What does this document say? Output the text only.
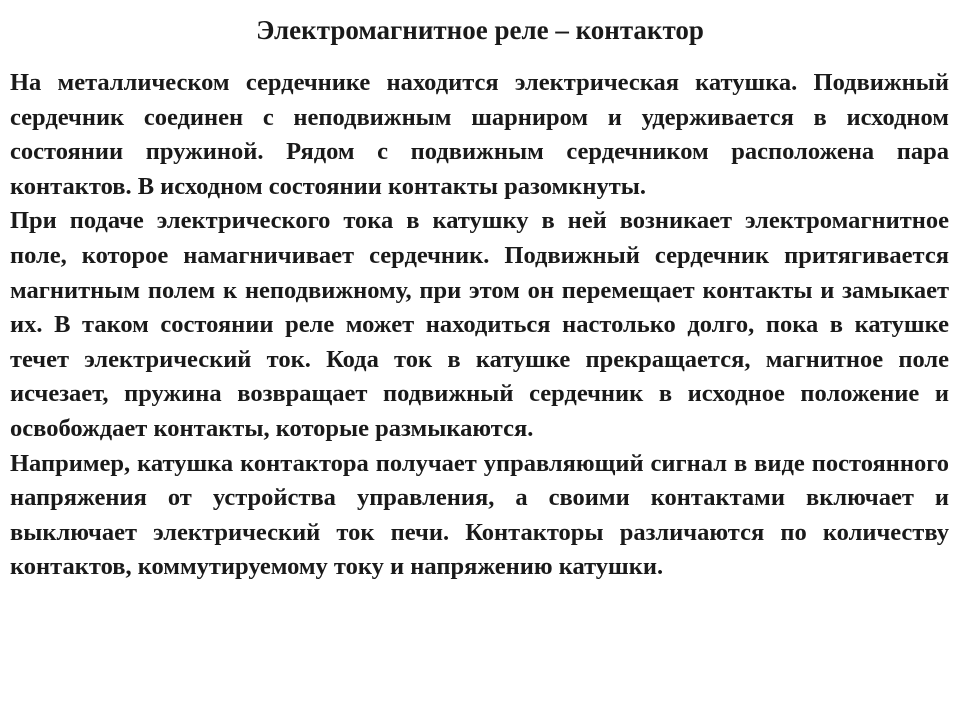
Электромагнитное реле – контактор

На металлическом сердечнике находится электрическая катушка. Подвижный сердечник соединен с неподвижным шарниром и удерживается в исходном состоянии пружиной. Рядом с подвижным сердечником расположена пара контактов. В исходном состоянии контакты разомкнуты.

При подаче электрического тока в катушку в ней возникает электромагнитное поле, которое намагничивает сердечник. Подвижный сердечник притягивается магнитным полем к неподвижному, при этом он перемещает контакты и замыкает их. В таком состоянии реле может находиться настолько долго, пока в катушке течет электрический ток. Кода ток в катушке прекращается, магнитное поле исчезает, пружина возвращает подвижный сердечник в исходное положение и освобождает контакты, которые размыкаются.

Например, катушка контактора получает управляющий сигнал в виде постоянного напряжения от устройства управления, а своими контактами включает и выключает электрический ток печи. Контакторы различаются по количеству контактов, коммутируемому току и напряжению катушки.
